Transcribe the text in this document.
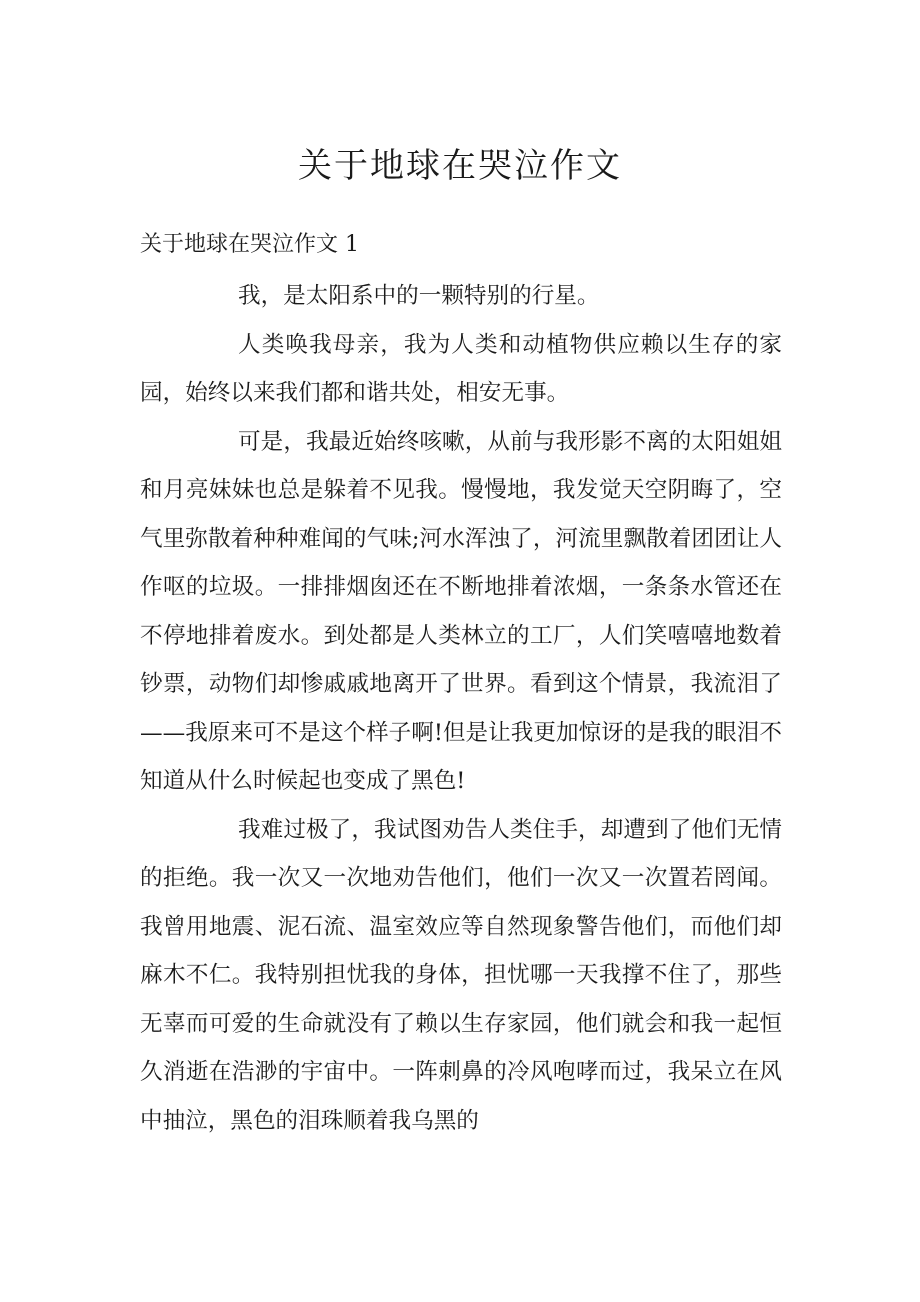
关于地球在哭泣作文
关于地球在哭泣作文 1

我，是太阳系中的一颗特别的行星。

人类唤我母亲，我为人类和动植物供应赖以生存的家园，始终以来我们都和谐共处，相安无事。

可是，我最近始终咳嗽，从前与我形影不离的太阳姐姐和月亮妹妹也总是躲着不见我。慢慢地，我发觉天空阴晦了，空气里弥散着种种难闻的气味;河水浑浊了，河流里飘散着团团让人作呕的垃圾。一排排烟囱还在不断地排着浓烟，一条条水管还在不停地排着废水。到处都是人类林立的工厂，人们笑嘻嘻地数着钞票，动物们却惨戚戚地离开了世界。看到这个情景，我流泪了——我原来可不是这个样子啊!但是让我更加惊讶的是我的眼泪不知道从什么时候起也变成了黑色!

我难过极了，我试图劝告人类住手，却遭到了他们无情的拒绝。我一次又一次地劝告他们，他们一次又一次置若罔闻。我曾用地震、泥石流、温室效应等自然现象警告他们，而他们却麻木不仁。我特别担忧我的身体，担忧哪一天我撑不住了，那些无辜而可爱的生命就没有了赖以生存家园，他们就会和我一起恒久消逝在浩渺的宇宙中。一阵刺鼻的冷风咆哮而过，我呆立在风中抽泣，黑色的泪珠顺着我乌黑的
